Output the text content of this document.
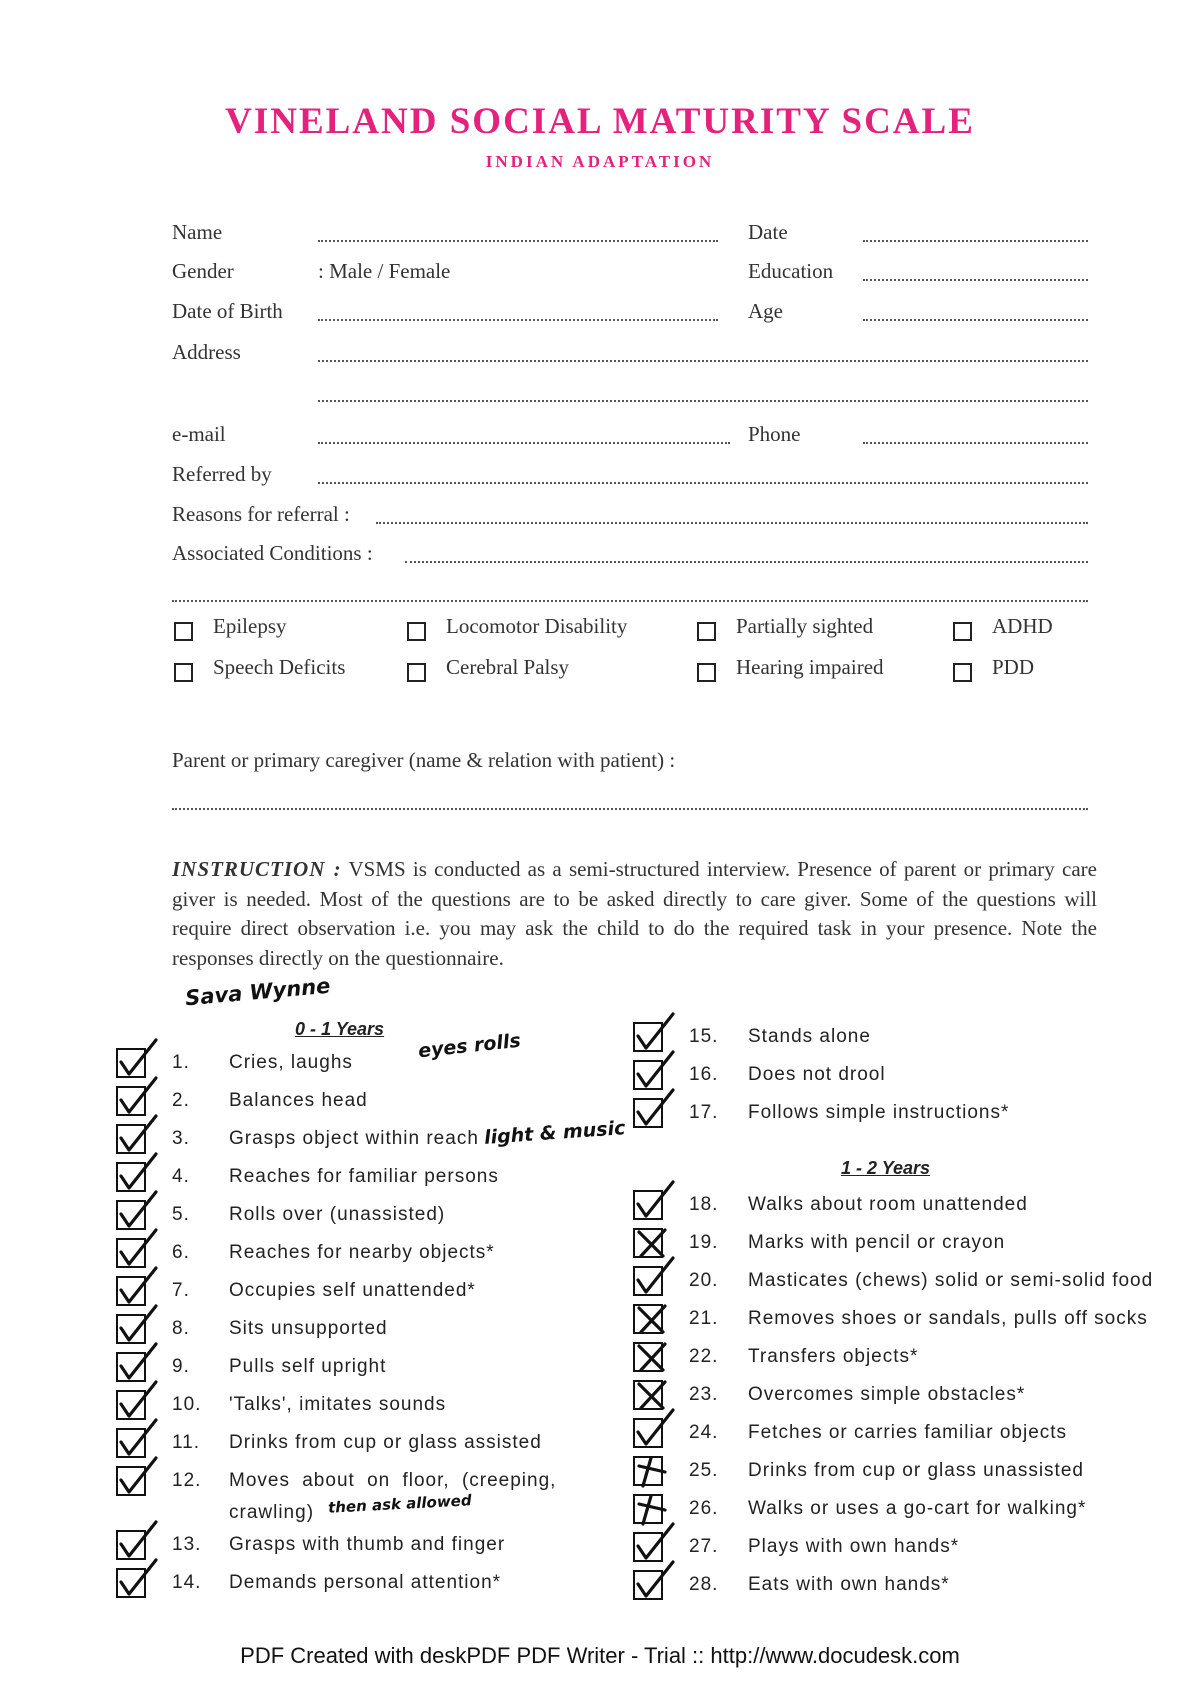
VINELAND SOCIAL MATURITY SCALE
INDIAN ADAPTATION
Name	Date
Gender	: Male / Female	Education
Date of Birth	Age
Address
e-mail	Phone
Referred by
Reasons for referral :
Associated Conditions :
Epilepsy	Locomotor Disability	Partially sighted	ADHD
Speech Deficits	Cerebral Palsy	Hearing impaired	PDD
Parent or primary caregiver (name & relation with patient) :
INSTRUCTION : VSMS is conducted as a semi-structured interview. Presence of parent or primary care giver is needed. Most of the questions are to be asked directly to care giver. Some of the questions will require direct observation i.e. you may ask the child to do the required task in your presence. Note the responses directly on the questionnaire.
Sava Wynne
eyes rolls
light & music
then ask allowed
0 - 1 Years
1 - 2 Years
1. Cries, laughs
2. Balances head
3. Grasps object within reach
4. Reaches for familiar persons
5. Rolls over (unassisted)
6. Reaches for nearby objects*
7. Occupies self unattended*
8. Sits unsupported
9. Pulls self upright
10. 'Talks', imitates sounds
11. Drinks from cup or glass assisted
12. Moves about on floor, (creeping,
crawling)
13. Grasps with thumb and finger
14. Demands personal attention*
15. Stands alone
16. Does not drool
17. Follows simple instructions*
18. Walks about room unattended
19. Marks with pencil or crayon
20. Masticates (chews) solid or semi-solid food
21. Removes shoes or sandals, pulls off socks
22. Transfers objects*
23. Overcomes simple obstacles*
24. Fetches or carries familiar objects
25. Drinks from cup or glass unassisted
26. Walks or uses a go-cart for walking*
27. Plays with own hands*
28. Eats with own hands*
PDF Created with deskPDF PDF Writer - Trial :: http://www.docudesk.com
